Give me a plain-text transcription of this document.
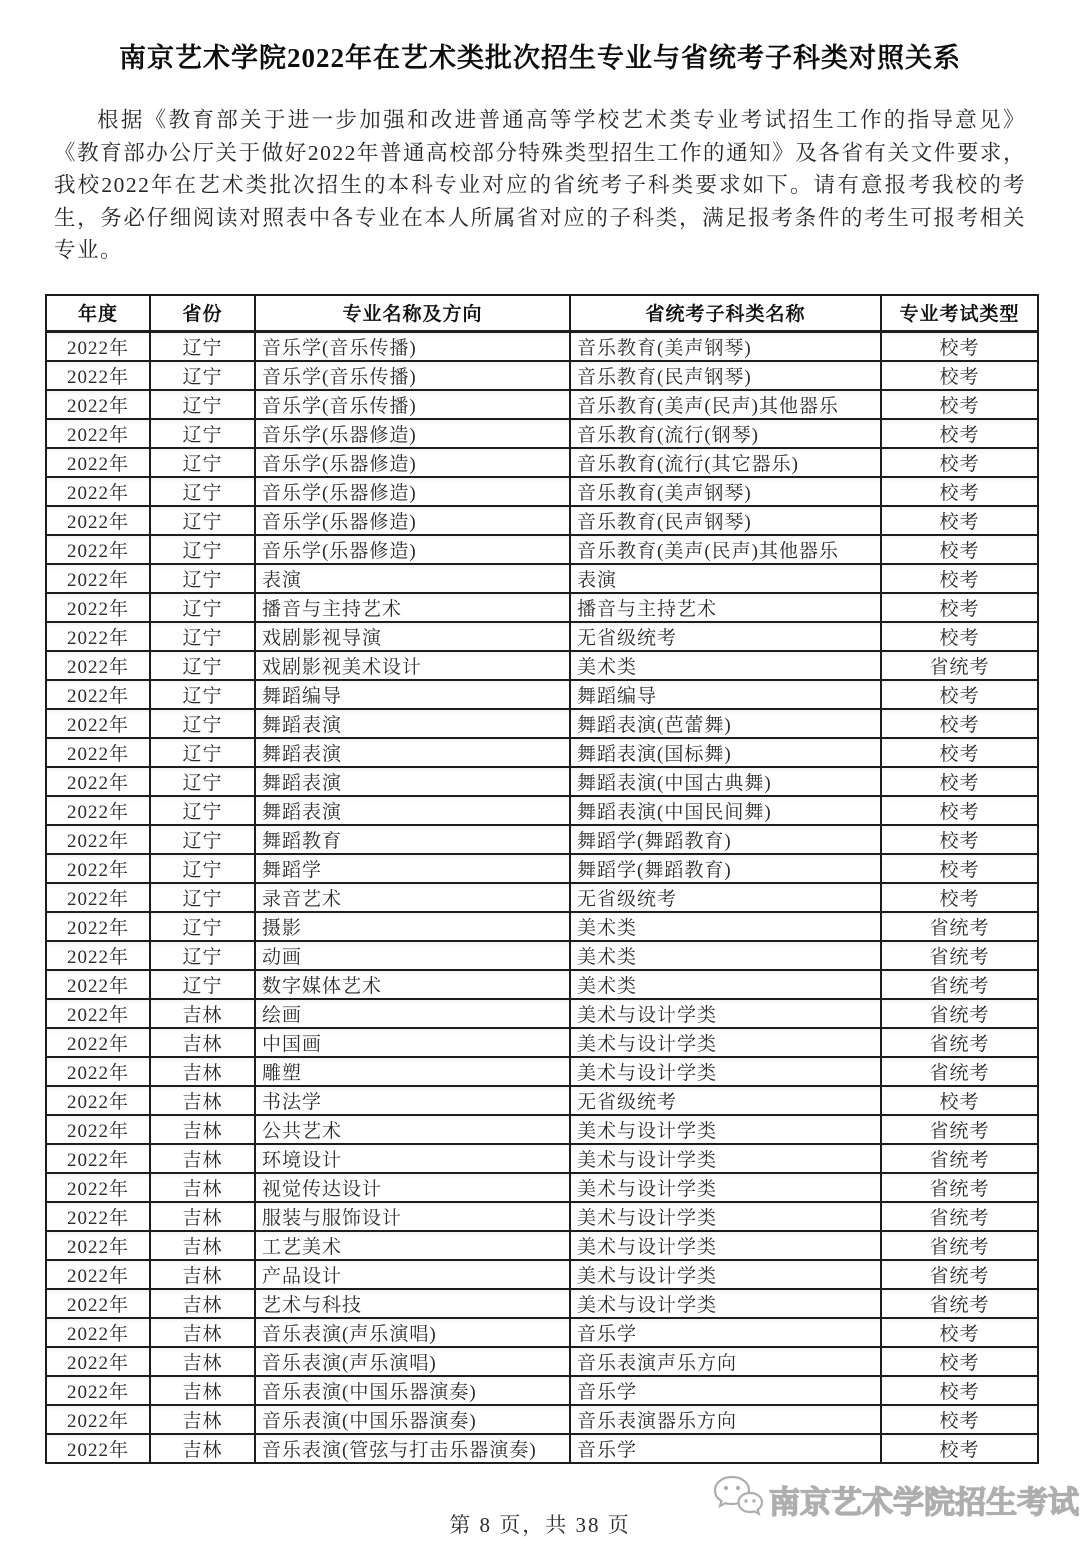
南京艺术学院2022年在艺术类批次招生专业与省统考子科类对照关系

根据《教育部关于进一步加强和改进普通高等学校艺术类专业考试招生工作的指导意见》《教育部办公厅关于做好2022年普通高校部分特殊类型招生工作的通知》及各省有关文件要求，我校2022年在艺术类批次招生的本科专业对应的省统考子科类要求如下。请有意报考我校的考生，务必仔细阅读对照表中各专业在本人所属省对应的子科类，满足报考条件的考生可报考相关专业。

年度	省份	专业名称及方向	省统考子科类名称	专业考试类型
2022年	辽宁	音乐学(音乐传播)	音乐教育(美声钢琴)	校考
2022年	辽宁	音乐学(音乐传播)	音乐教育(民声钢琴)	校考
2022年	辽宁	音乐学(音乐传播)	音乐教育(美声(民声)其他器乐	校考
2022年	辽宁	音乐学(乐器修造)	音乐教育(流行(钢琴)	校考
2022年	辽宁	音乐学(乐器修造)	音乐教育(流行(其它器乐)	校考
2022年	辽宁	音乐学(乐器修造)	音乐教育(美声钢琴)	校考
2022年	辽宁	音乐学(乐器修造)	音乐教育(民声钢琴)	校考
2022年	辽宁	音乐学(乐器修造)	音乐教育(美声(民声)其他器乐	校考
2022年	辽宁	表演	表演	校考
2022年	辽宁	播音与主持艺术	播音与主持艺术	校考
2022年	辽宁	戏剧影视导演	无省级统考	校考
2022年	辽宁	戏剧影视美术设计	美术类	省统考
2022年	辽宁	舞蹈编导	舞蹈编导	校考
2022年	辽宁	舞蹈表演	舞蹈表演(芭蕾舞)	校考
2022年	辽宁	舞蹈表演	舞蹈表演(国标舞)	校考
2022年	辽宁	舞蹈表演	舞蹈表演(中国古典舞)	校考
2022年	辽宁	舞蹈表演	舞蹈表演(中国民间舞)	校考
2022年	辽宁	舞蹈教育	舞蹈学(舞蹈教育)	校考
2022年	辽宁	舞蹈学	舞蹈学(舞蹈教育)	校考
2022年	辽宁	录音艺术	无省级统考	校考
2022年	辽宁	摄影	美术类	省统考
2022年	辽宁	动画	美术类	省统考
2022年	辽宁	数字媒体艺术	美术类	省统考
2022年	吉林	绘画	美术与设计学类	省统考
2022年	吉林	中国画	美术与设计学类	省统考
2022年	吉林	雕塑	美术与设计学类	省统考
2022年	吉林	书法学	无省级统考	校考
2022年	吉林	公共艺术	美术与设计学类	省统考
2022年	吉林	环境设计	美术与设计学类	省统考
2022年	吉林	视觉传达设计	美术与设计学类	省统考
2022年	吉林	服装与服饰设计	美术与设计学类	省统考
2022年	吉林	工艺美术	美术与设计学类	省统考
2022年	吉林	产品设计	美术与设计学类	省统考
2022年	吉林	艺术与科技	美术与设计学类	省统考
2022年	吉林	音乐表演(声乐演唱)	音乐学	校考
2022年	吉林	音乐表演(声乐演唱)	音乐表演声乐方向	校考
2022年	吉林	音乐表演(中国乐器演奏)	音乐学	校考
2022年	吉林	音乐表演(中国乐器演奏)	音乐表演器乐方向	校考
2022年	吉林	音乐表演(管弦与打击乐器演奏)	音乐学	校考
第 8 页，共 38 页
南京艺术学院招生考试
